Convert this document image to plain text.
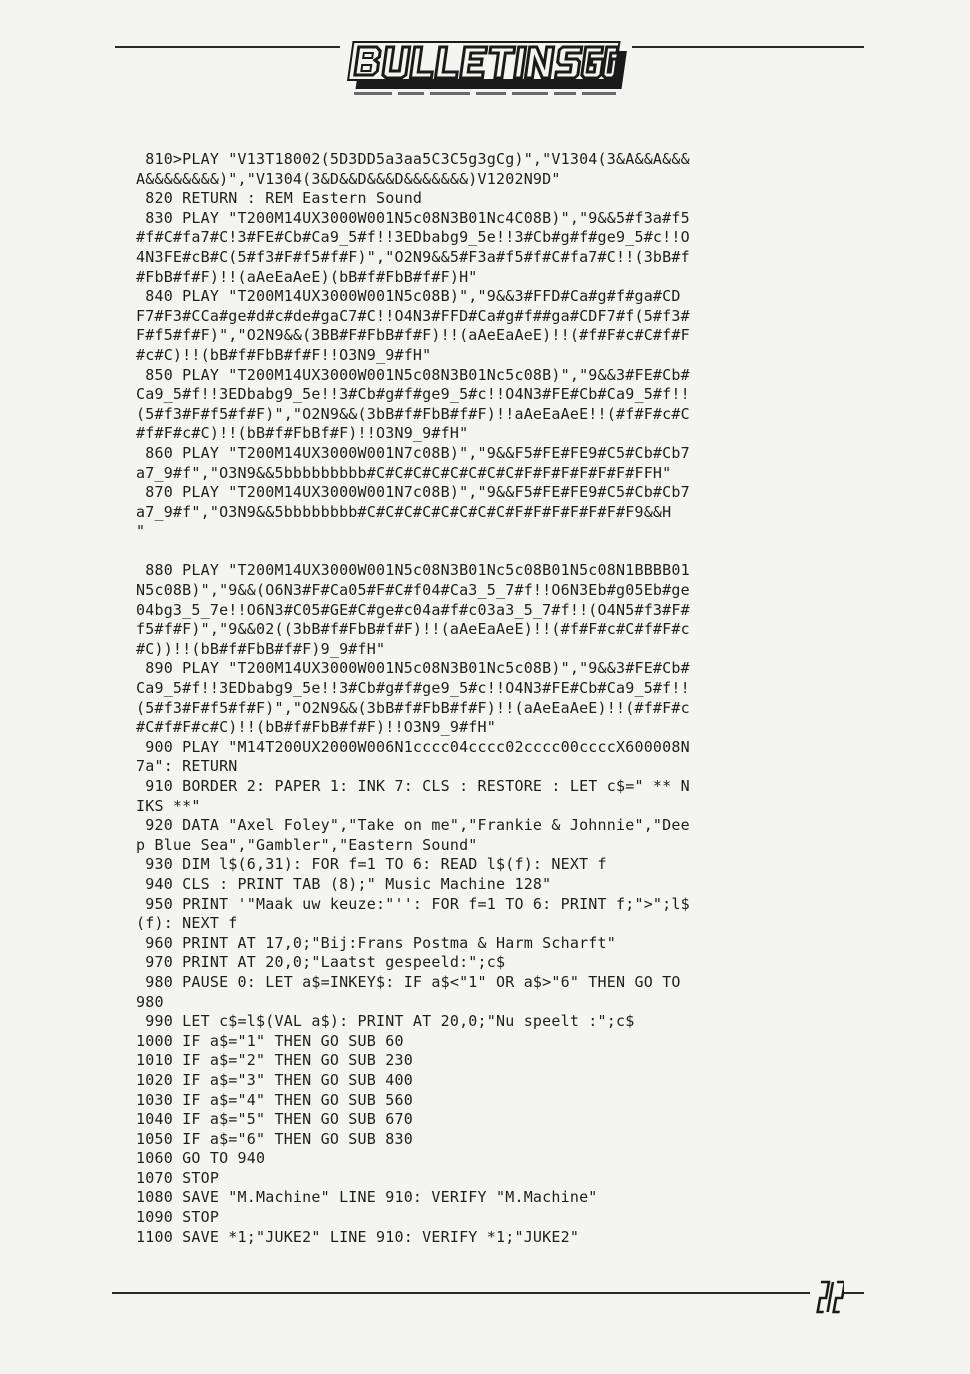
810>PLAY "V13T18002(5D3DD5a3aa5C3C5g3gCg)","V1304(3&A&&A&&&
A&&&&&&&&)","V1304(3&D&&D&&&D&&&&&&&)V1202N9D"
820 RETURN : REM Eastern Sound
830 PLAY "T200M14UX3000W001N5c08N3B01Nc4C08B)","9&&5#f3a#f5
#f#C#fa7#C!3#FE#Cb#Ca9_5#f!!3EDbabg9_5e!!3#Cb#g#f#ge9_5#c!!O
4N3FE#cB#C(5#f3#F#f5#f#F)","O2N9&&5#F3a#f5#f#C#fa7#C!!(3bB#f
#FbB#f#F)!!(aAeEaAeE)(bB#f#FbB#f#F)H"
840 PLAY "T200M14UX3000W001N5c08B)","9&&3#FFD#Ca#g#f#ga#CD
F7#F3#CCa#ge#d#c#de#gaC7#C!!O4N3#FFD#Ca#g#f##ga#CDF7#f(5#f3#
F#f5#f#F)","O2N9&&(3BB#F#FbB#f#F)!!(aAeEaAeE)!!(#f#F#c#C#f#F
#c#C)!!(bB#f#FbB#f#F!!O3N9_9#fH"
850 PLAY "T200M14UX3000W001N5c08N3B01Nc5c08B)","9&&3#FE#Cb#
Ca9_5#f!!3EDbabg9_5e!!3#Cb#g#f#ge9_5#c!!O4N3#FE#Cb#Ca9_5#f!!
(5#f3#F#f5#f#F)","O2N9&&(3bB#f#FbB#f#F)!!aAeEaAeE!!(#f#F#c#C
#f#F#c#C)!!(bB#f#FbBf#F)!!O3N9_9#fH"
860 PLAY "T200M14UX3000W001N7c08B)","9&&F5#FE#FE9#C5#Cb#Cb7
a7_9#f","O3N9&&5bbbbbbbbb#C#C#C#C#C#C#C#C#F#F#F#F#F#F#FFH"
870 PLAY "T200M14UX3000W001N7c08B)","9&&F5#FE#FE9#C5#Cb#Cb7
a7_9#f","O3N9&&5bbbbbbbb#C#C#C#C#C#C#C#C#F#F#F#F#F#F#F9&&H
"
880 PLAY "T200M14UX3000W001N5c08N3B01Nc5c08B01N5c08N1BBBB01
N5c08B)","9&&(O6N3#F#Ca05#F#C#f04#Ca3_5_7#f!!O6N3Eb#g05Eb#ge
04bg3_5_7e!!O6N3#C05#GE#C#ge#c04a#f#c03a3_5_7#f!!(O4N5#f3#F#
f5#f#F)","9&&02((3bB#f#FbB#f#F)!!(aAeEaAeE)!!(#f#F#c#C#f#F#c
#C))!!(bB#f#FbB#f#F)9_9#fH"
890 PLAY "T200M14UX3000W001N5c08N3B01Nc5c08B)","9&&3#FE#Cb#
Ca9_5#f!!3EDbabg9_5e!!3#Cb#g#f#ge9_5#c!!O4N3#FE#Cb#Ca9_5#f!!
(5#f3#F#f5#f#F)","O2N9&&(3bB#f#FbB#f#F)!!(aAeEaAeE)!!(#f#F#c
#C#f#F#c#C)!!(bB#f#FbB#f#F)!!O3N9_9#fH"
900 PLAY "M14T200UX2000W006N1cccc04cccc02cccc00ccccX600008N
7a": RETURN
910 BORDER 2: PAPER 1: INK 7: CLS : RESTORE : LET c$=" ** N
IKS **"
920 DATA "Axel Foley","Take on me","Frankie & Johnnie","Dee
p Blue Sea","Gambler","Eastern Sound"
930 DIM l$(6,31): FOR f=1 TO 6: READ l$(f): NEXT f
940 CLS : PRINT TAB (8);" Music Machine 128"
950 PRINT '"Maak uw keuze:"'': FOR f=1 TO 6: PRINT f;">";l$
(f): NEXT f
960 PRINT AT 17,0;"Bij:Frans Postma & Harm Scharft"
970 PRINT AT 20,0;"Laatst gespeeld:";c$
980 PAUSE 0: LET a$=INKEY$: IF a$<"1" OR a$>"6" THEN GO TO
980
990 LET c$=l$(VAL a$): PRINT AT 20,0;"Nu speelt :";c$
1000 IF a$="1" THEN GO SUB 60
1010 IF a$="2" THEN GO SUB 230
1020 IF a$="3" THEN GO SUB 400
1030 IF a$="4" THEN GO SUB 560
1040 IF a$="5" THEN GO SUB 670
1050 IF a$="6" THEN GO SUB 830
1060 GO TO 940
1070 STOP
1080 SAVE "M.Machine" LINE 910: VERIFY "M.Machine"
1090 STOP
1100 SAVE *1;"JUKE2" LINE 910: VERIFY *1;"JUKE2"
